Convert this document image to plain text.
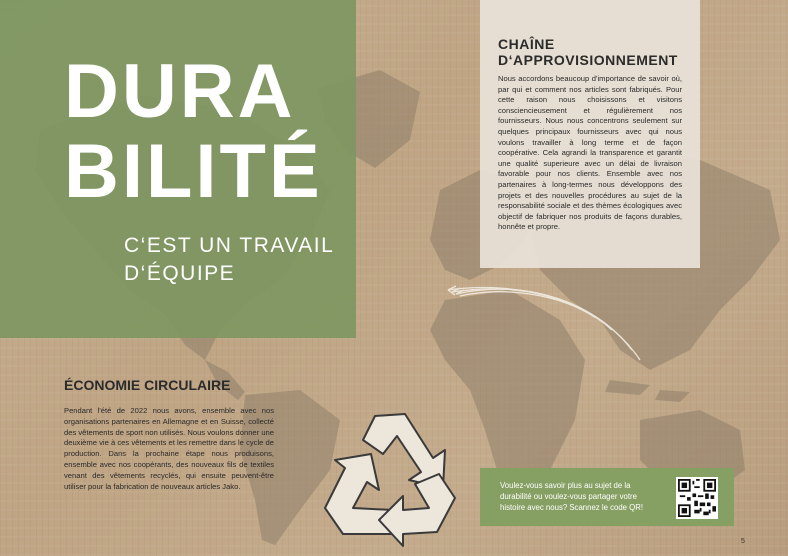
DURA
BILITÉ
C‘EST UN TRAVAIL
D‘ÉQUIPE
CHAÎNE
D‘APPROVISIONNEMENT

Nous accordons beaucoup d'importance de savoir où, par qui et comment nos articles sont fabriqués. Pour cette raison nous choisissons et visitons consciencieusement et régulièrement nos fournisseurs. Nous nous concentrons seulement sur quelques principaux fournisseurs avec qui nous voulons travailler à long terme et de façon coopérative. Cela agrandi la transparence et garantit une qualité superieure avec un délai de livraison favorable pour nos clients. Ensemble avec nos partenaires à long-termes nous développons des projets et des nouvelles procédures au sujet de la responsabilité sociale et des thèmes écologiques avec objectif de fabriquer nos produits de façons durables, honnête et propre.

ÉCONOMIE CIRCULAIRE

Pendant l'été de 2022 nous avons, ensemble avec nos organisations partenaires en Allemagne et en Suisse, collecté des vêtements de sport non utilisés. Nous voulons donner une deuxième vie à ces vêtements et les remettre dans le cycle de production. Dans la prochaine étape nous produisons, ensemble avec nos coopérants, des nouveaux fils de textiles venant des vêtements recyclés, qui ensuite peuvent-être utiliser pour la fabrication de nouveaux articles Jako.	Voulez-vous savoir plus au sujet de la durabilité ou voulez-vous partager votre histoire avec nous? Scannez le code QR!
5
